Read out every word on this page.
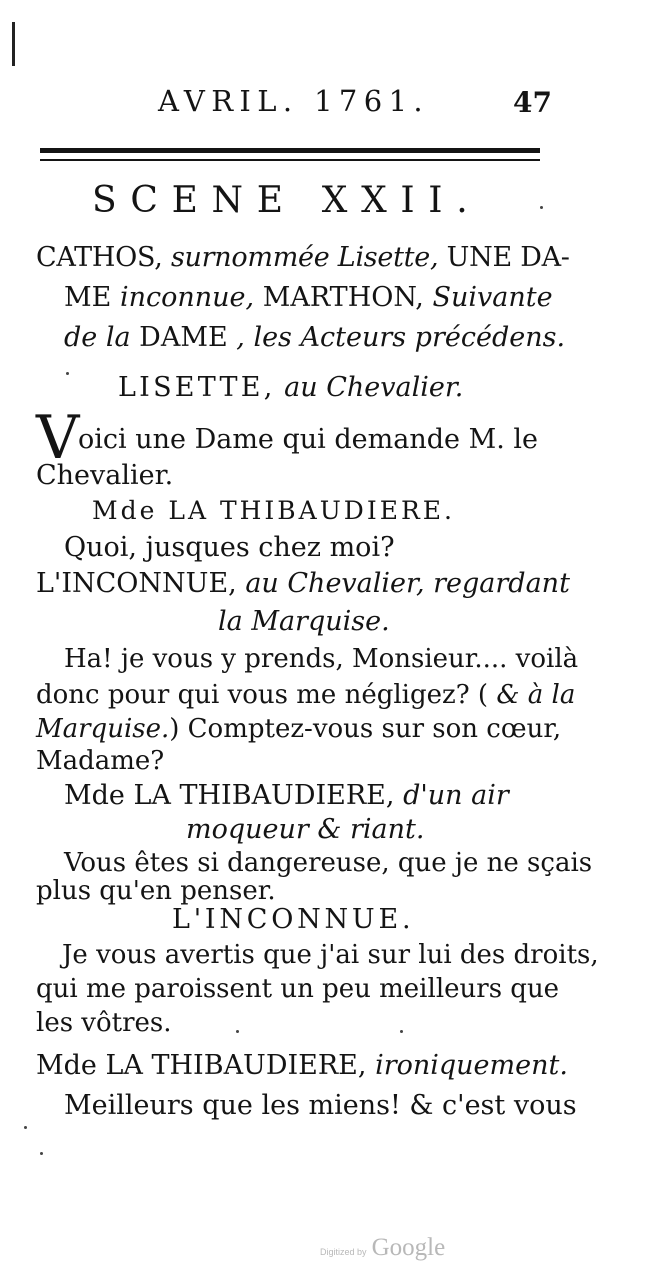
AVRIL. 1761.	47
SCENE XXII.
CATHOS, surnommée Lisette, UNE DA-
ME inconnue, MARTHON, Suivante
de la DAME , les Acteurs précédens.
LISETTE, au Chevalier.
V
oici une Dame qui demande M. le
Chevalier.
Mde LA THIBAUDIERE.
Quoi, jusques chez moi?
L'INCONNUE, au Chevalier, regardant
la Marquise.
Ha! je vous y prends, Monsieur.... voilà
donc pour qui vous me négligez? ( & à la
Marquise.) Comptez-vous sur son cœur,
Madame?
Mde LA THIBAUDIERE, d'un air
moqueur & riant.
Vous êtes si dangereuse, que je ne sçais
plus qu'en penser.
L'INCONNUE.
Je vous avertis que j'ai sur lui des droits,
qui me paroissent un peu meilleurs que
les vôtres.
Mde LA THIBAUDIERE, ironiquement.
Meilleurs que les miens! & c'est vous
Digitized by Google
